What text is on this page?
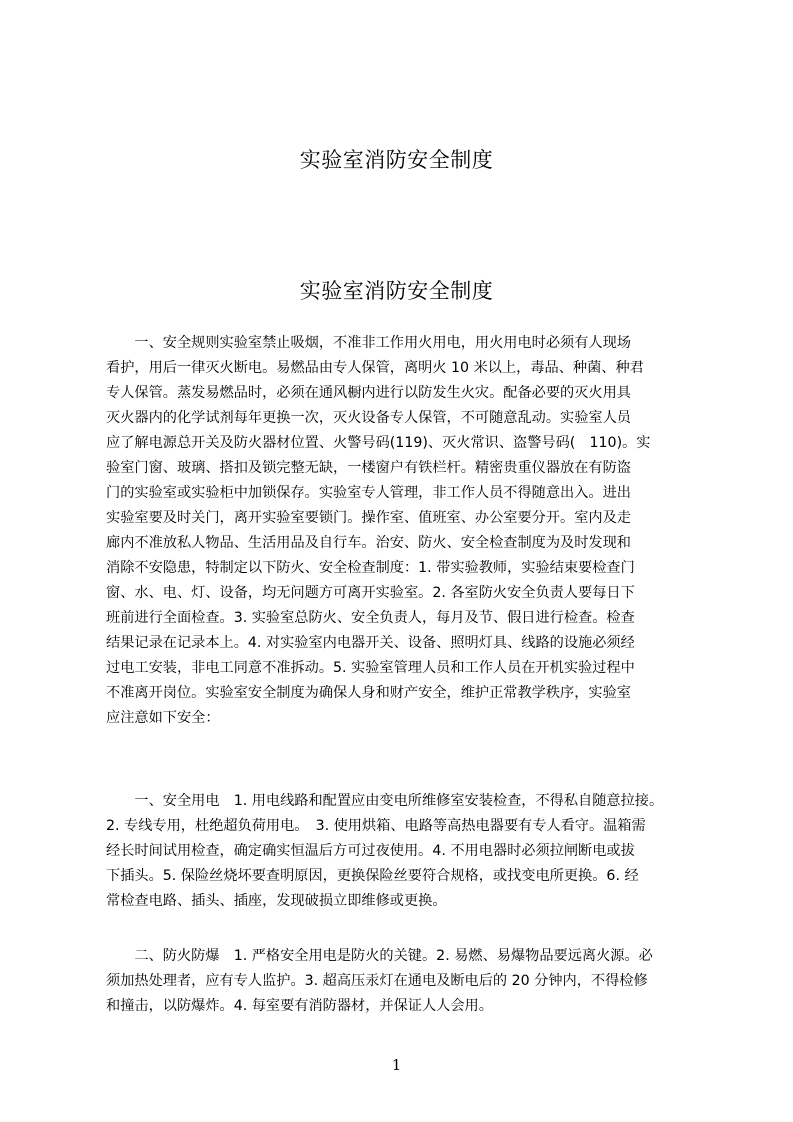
实验室消防安全制度
实验室消防安全制度
　　一、安全规则实验室禁止吸烟，不准非工作用火用电，用火用电时必须有人现场
看护，用后一律灭火断电。易燃品由专人保管，离明火 10 米以上，毒品、种菌、种君
专人保管。蒸发易燃品时，必须在通风橱内进行以防发生火灾。配备必要的灭火用具
灭火器内的化学试剂每年更换一次，灭火设备专人保管，不可随意乱动。实验室人员
应了解电源总开关及防火器材位置、火警号码(119)、灭火常识、盗警号码(　110)。实
验室门窗、玻璃、搭扣及锁完整无缺，一楼窗户有铁栏杆。精密贵重仪器放在有防盗
门的实验室或实验柜中加锁保存。实验室专人管理，非工作人员不得随意出入。进出
实验室要及时关门，离开实验室要锁门。操作室、值班室、办公室要分开。室内及走
廊内不准放私人物品、生活用品及自行车。治安、防火、安全检查制度为及时发现和
消除不安隐患，特制定以下防火、安全检查制度：1. 带实验教师，实验结束要检查门
窗、水、电、灯、设备，均无问题方可离开实验室。2. 各室防火安全负责人要每日下
班前进行全面检查。3. 实验室总防火、安全负责人，每月及节、假日进行检查。检查
结果记录在记录本上。4. 对实验室内电器开关、设备、照明灯具、线路的设施必须经
过电工安装，非电工同意不准拆动。5. 实验室管理人员和工作人员在开机实验过程中
不准离开岗位。实验室安全制度为确保人身和财产安全，维护正常教学秩序，实验室
应注意如下安全：
　　一、安全用电　1. 用电线路和配置应由变电所维修室安装检查，不得私自随意拉接。
2. 专线专用，杜绝超负荷用电。　3. 使用烘箱、电路等高热电器要有专人看守。温箱需
经长时间试用检查，确定确实恒温后方可过夜使用。4. 不用电器时必须拉闸断电或拔
下插头。5. 保险丝烧坏要查明原因，更换保险丝要符合规格，或找变电所更换。6. 经
常检查电路、插头、插座，发现破损立即维修或更换。
　　二、防火防爆　1. 严格安全用电是防火的关键。2. 易燃、易爆物品要远离火源。必
须加热处理者，应有专人监护。3. 超高压汞灯在通电及断电后的 20 分钟内，不得检修
和撞击，以防爆炸。4. 每室要有消防器材，并保证人人会用。
1
